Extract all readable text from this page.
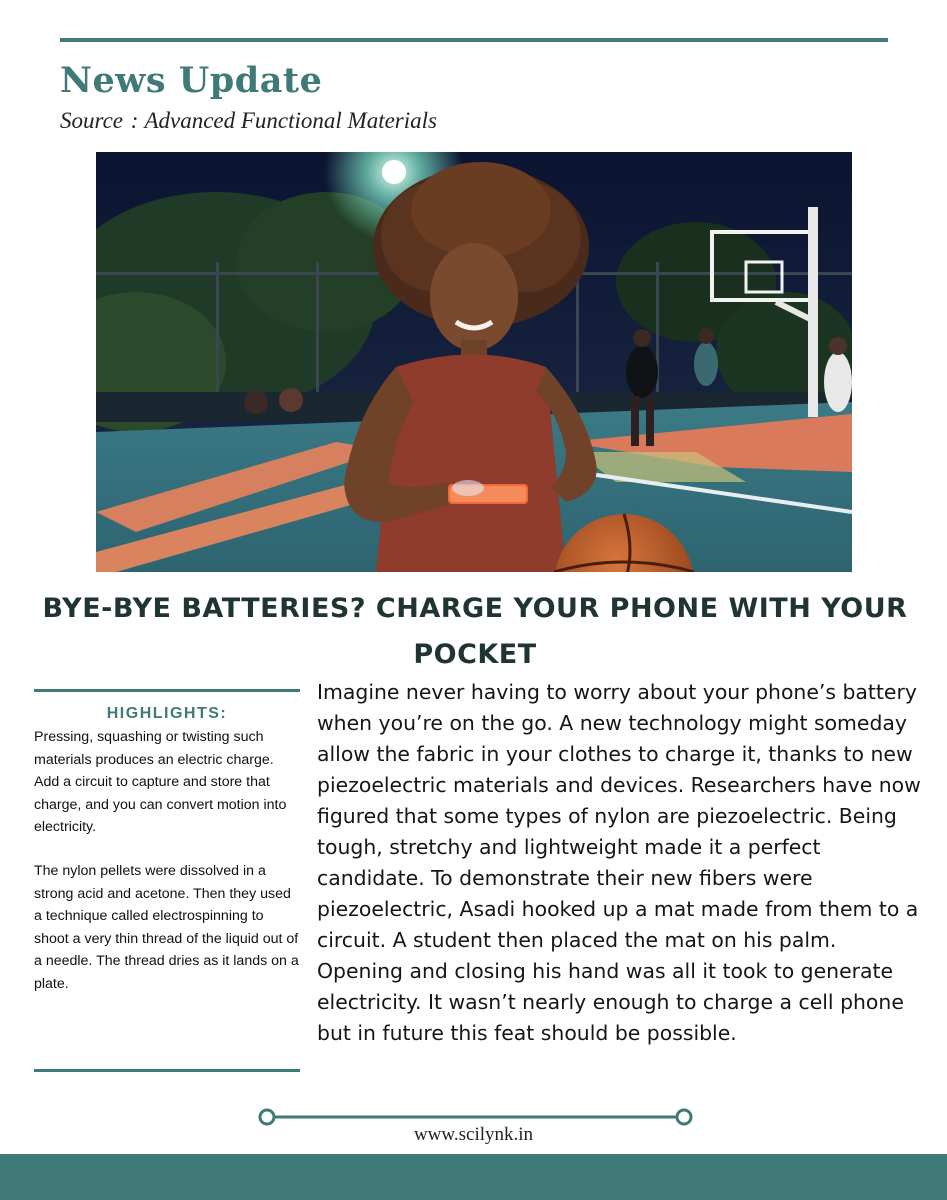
News Update
Source : Advanced Functional Materials
BYE-BYE BATTERIES? CHARGE YOUR PHONE WITH YOUR POCKET
HIGHLIGHTS:
Pressing, squashing or twisting such materials produces an electric charge. Add a circuit to capture and store that charge, and you can convert motion into electricity.
The nylon pellets were dissolved in a strong acid and acetone. Then they used a technique called electrospinning to shoot a very thin thread of the liquid out of a needle. The thread dries as it lands on a plate.
Imagine never having to worry about your phone’s battery when you’re on the go. A new technology might someday allow the fabric in your clothes to charge it, thanks to new piezoelectric materials and devices. Researchers have now figured that some types of nylon are piezoelectric. Being tough, stretchy and lightweight made it a perfect candidate. To demonstrate their new fibers were piezoelectric, Asadi hooked up a mat made from them to a circuit. A student then placed the mat on his palm. Opening and closing his hand was all it took to generate electricity. It wasn’t nearly enough to charge a cell phone but in future this feat should be possible.
www.scilynk.in
